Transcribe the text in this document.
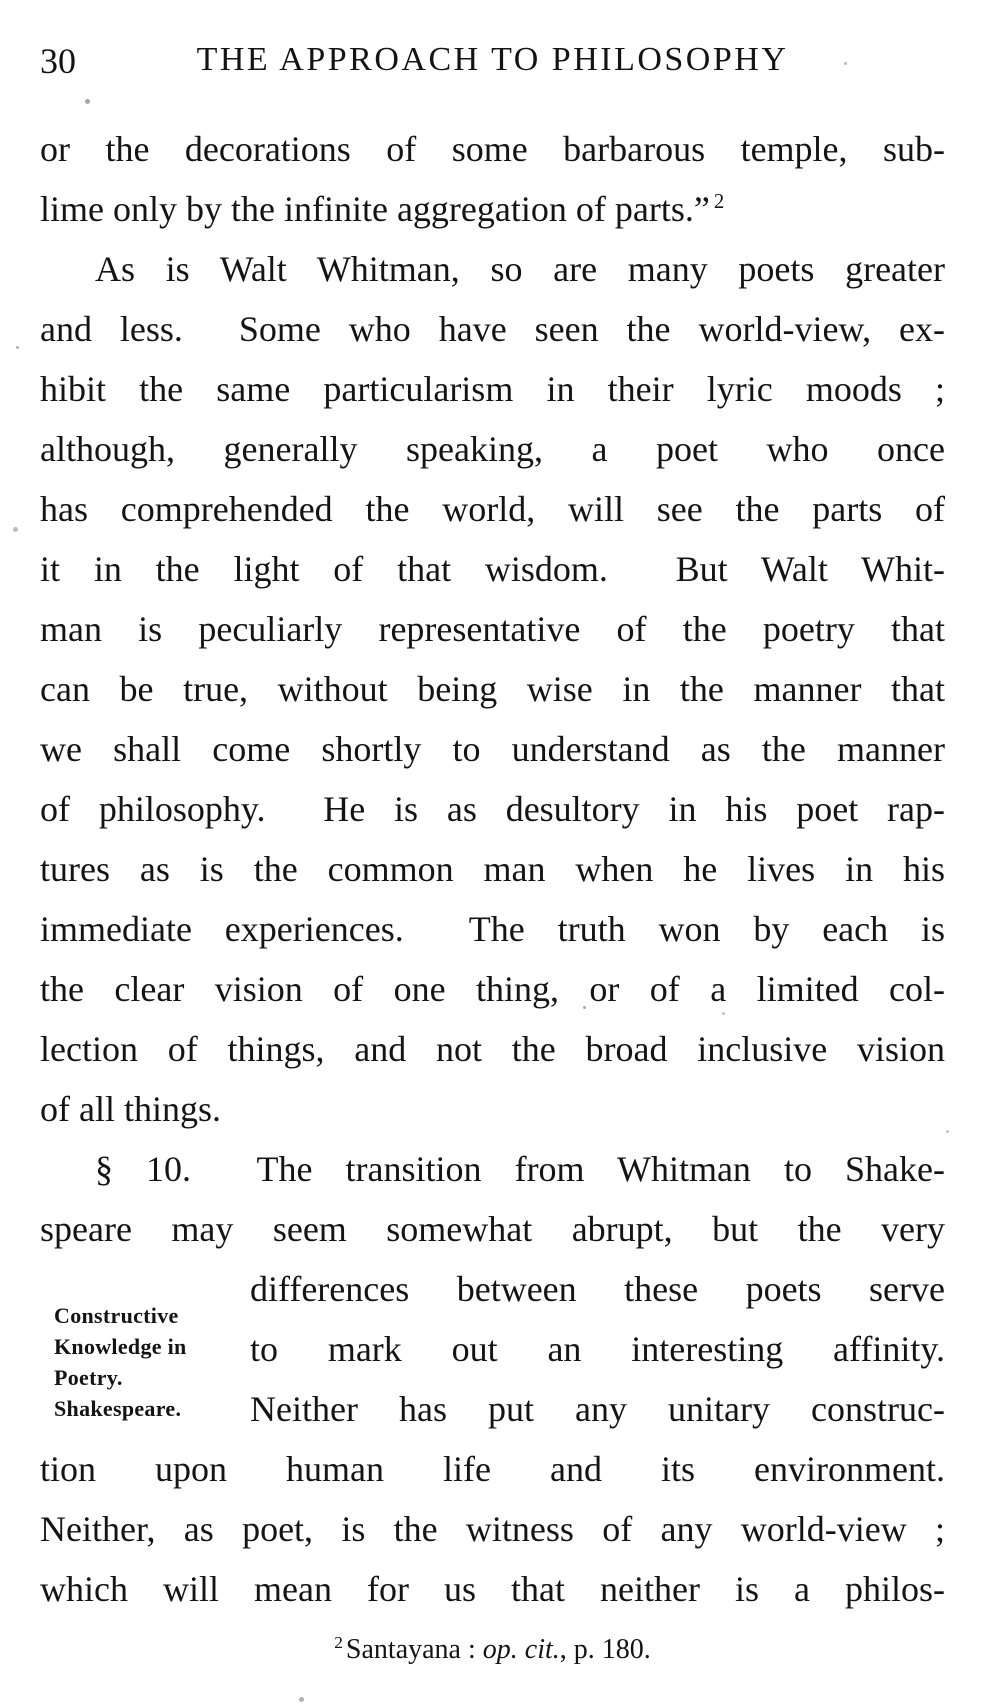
30	THE APPROACH TO PHILOSOPHY
or the decorations of some barbarous temple, sub-
lime only by the infinite aggregation of parts.” $^2$
As is Walt Whitman, so are many poets greater
and less.  Some who have seen the world-view, ex-
hibit the same particularism in their lyric moods ;
although, generally speaking, a poet who once
has comprehended the world, will see the parts of
it in the light of that wisdom.  But Walt Whit-
man is peculiarly representative of the poetry that
can be true, without being wise in the manner that
we shall come shortly to understand as the manner
of philosophy.  He is as desultory in his poet rap-
tures as is the common man when he lives in his
immediate experiences.  The truth won by each is
the clear vision of one thing, or of a limited col-
lection of things, and not the broad inclusive vision
of all things.
§ 10.  The transition from Whitman to Shake-
speare may seem somewhat abrupt, but the very
differences between these poets serve
to mark out an interesting affinity.
Neither has put any unitary construc-
tion upon human life and its environment.
Neither, as poet, is the witness of any world-view ;
which will mean for us that neither is a philos-
Constructive
Knowledge in
Poetry.
Shakespeare.
$^2$ Santayana : op. cit., p. 180.
